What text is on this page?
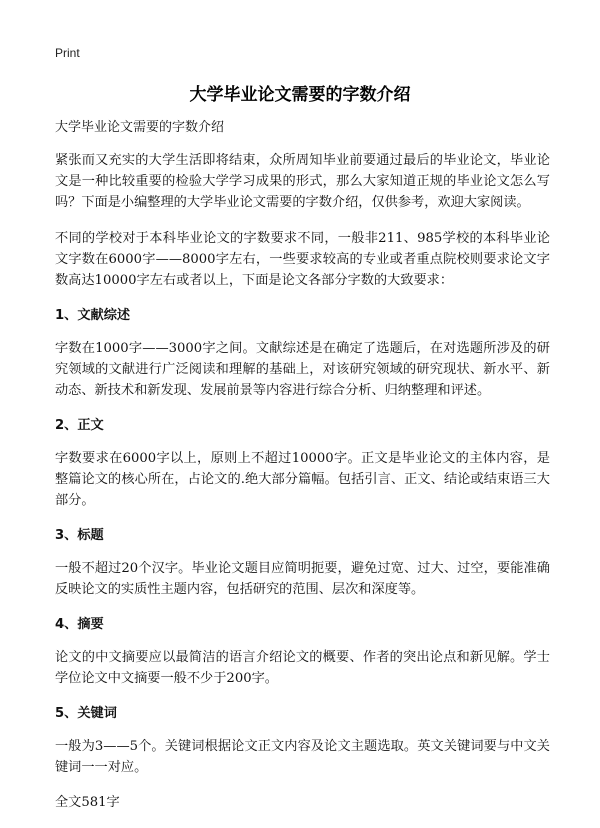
Print
大学毕业论文需要的字数介绍

大学毕业论文需要的字数介绍

紧张而又充实的大学生活即将结束，众所周知毕业前要通过最后的毕业论文，毕业论文是一种比较重要的检验大学学习成果的形式，那么大家知道正规的毕业论文怎么写吗？下面是小编整理的大学毕业论文需要的字数介绍，仅供参考，欢迎大家阅读。

不同的学校对于本科毕业论文的字数要求不同，一般非211、985学校的本科毕业论文字数在6000字——8000字左右，一些要求较高的专业或者重点院校则要求论文字数高达10000字左右或者以上，下面是论文各部分字数的大致要求：

1、文献综述

字数在1000字——3000字之间。文献综述是在确定了选题后，在对选题所涉及的研究领域的文献进行广泛阅读和理解的基础上，对该研究领域的研究现状、新水平、新动态、新技术和新发现、发展前景等内容进行综合分析、归纳整理和评述。

2、正文

字数要求在6000字以上，原则上不超过10000字。正文是毕业论文的主体内容，是整篇论文的核心所在，占论文的.绝大部分篇幅。包括引言、正文、结论或结束语三大部分。

3、标题

一般不超过20个汉字。毕业论文题目应简明扼要，避免过宽、过大、过空，要能准确反映论文的实质性主题内容，包括研究的范围、层次和深度等。

4、摘要

论文的中文摘要应以最简洁的语言介绍论文的概要、作者的突出论点和新见解。学士学位论文中文摘要一般不少于200字。

5、关键词

一般为3——5个。关键词根据论文正文内容及论文主题选取。英文关键词要与中文关键词一一对应。

全文581字
